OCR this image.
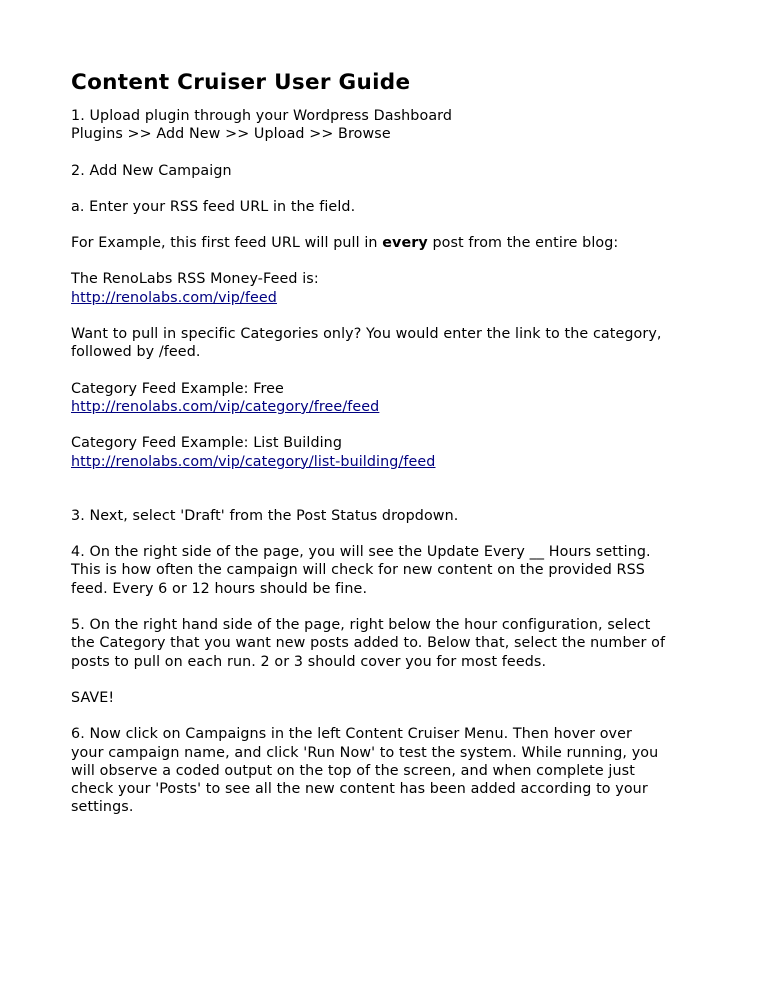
Content Cruiser User Guide
1. Upload plugin through your Wordpress Dashboard
Plugins >> Add New >> Upload >> Browse
2. Add New Campaign
a. Enter your RSS feed URL in the field.
For Example, this first feed URL will pull in every post from the entire blog:
The RenoLabs RSS Money-Feed is:
http://renolabs.com/vip/feed
Want to pull in specific Categories only? You would enter the link to the category,
followed by /feed.
Category Feed Example: Free
http://renolabs.com/vip/category/free/feed
Category Feed Example: List Building
http://renolabs.com/vip/category/list-building/feed
3. Next, select 'Draft' from the Post Status dropdown.
4. On the right side of the page, you will see the Update Every __ Hours setting.
This is how often the campaign will check for new content on the provided RSS
feed. Every 6 or 12 hours should be fine.
5. On the right hand side of the page, right below the hour configuration, select
the Category that you want new posts added to. Below that, select the number of
posts to pull on each run. 2 or 3 should cover you for most feeds.
SAVE!
6. Now click on Campaigns in the left Content Cruiser Menu. Then hover over
your campaign name, and click 'Run Now' to test the system. While running, you
will observe a coded output on the top of the screen, and when complete just
check your 'Posts' to see all the new content has been added according to your
settings.
